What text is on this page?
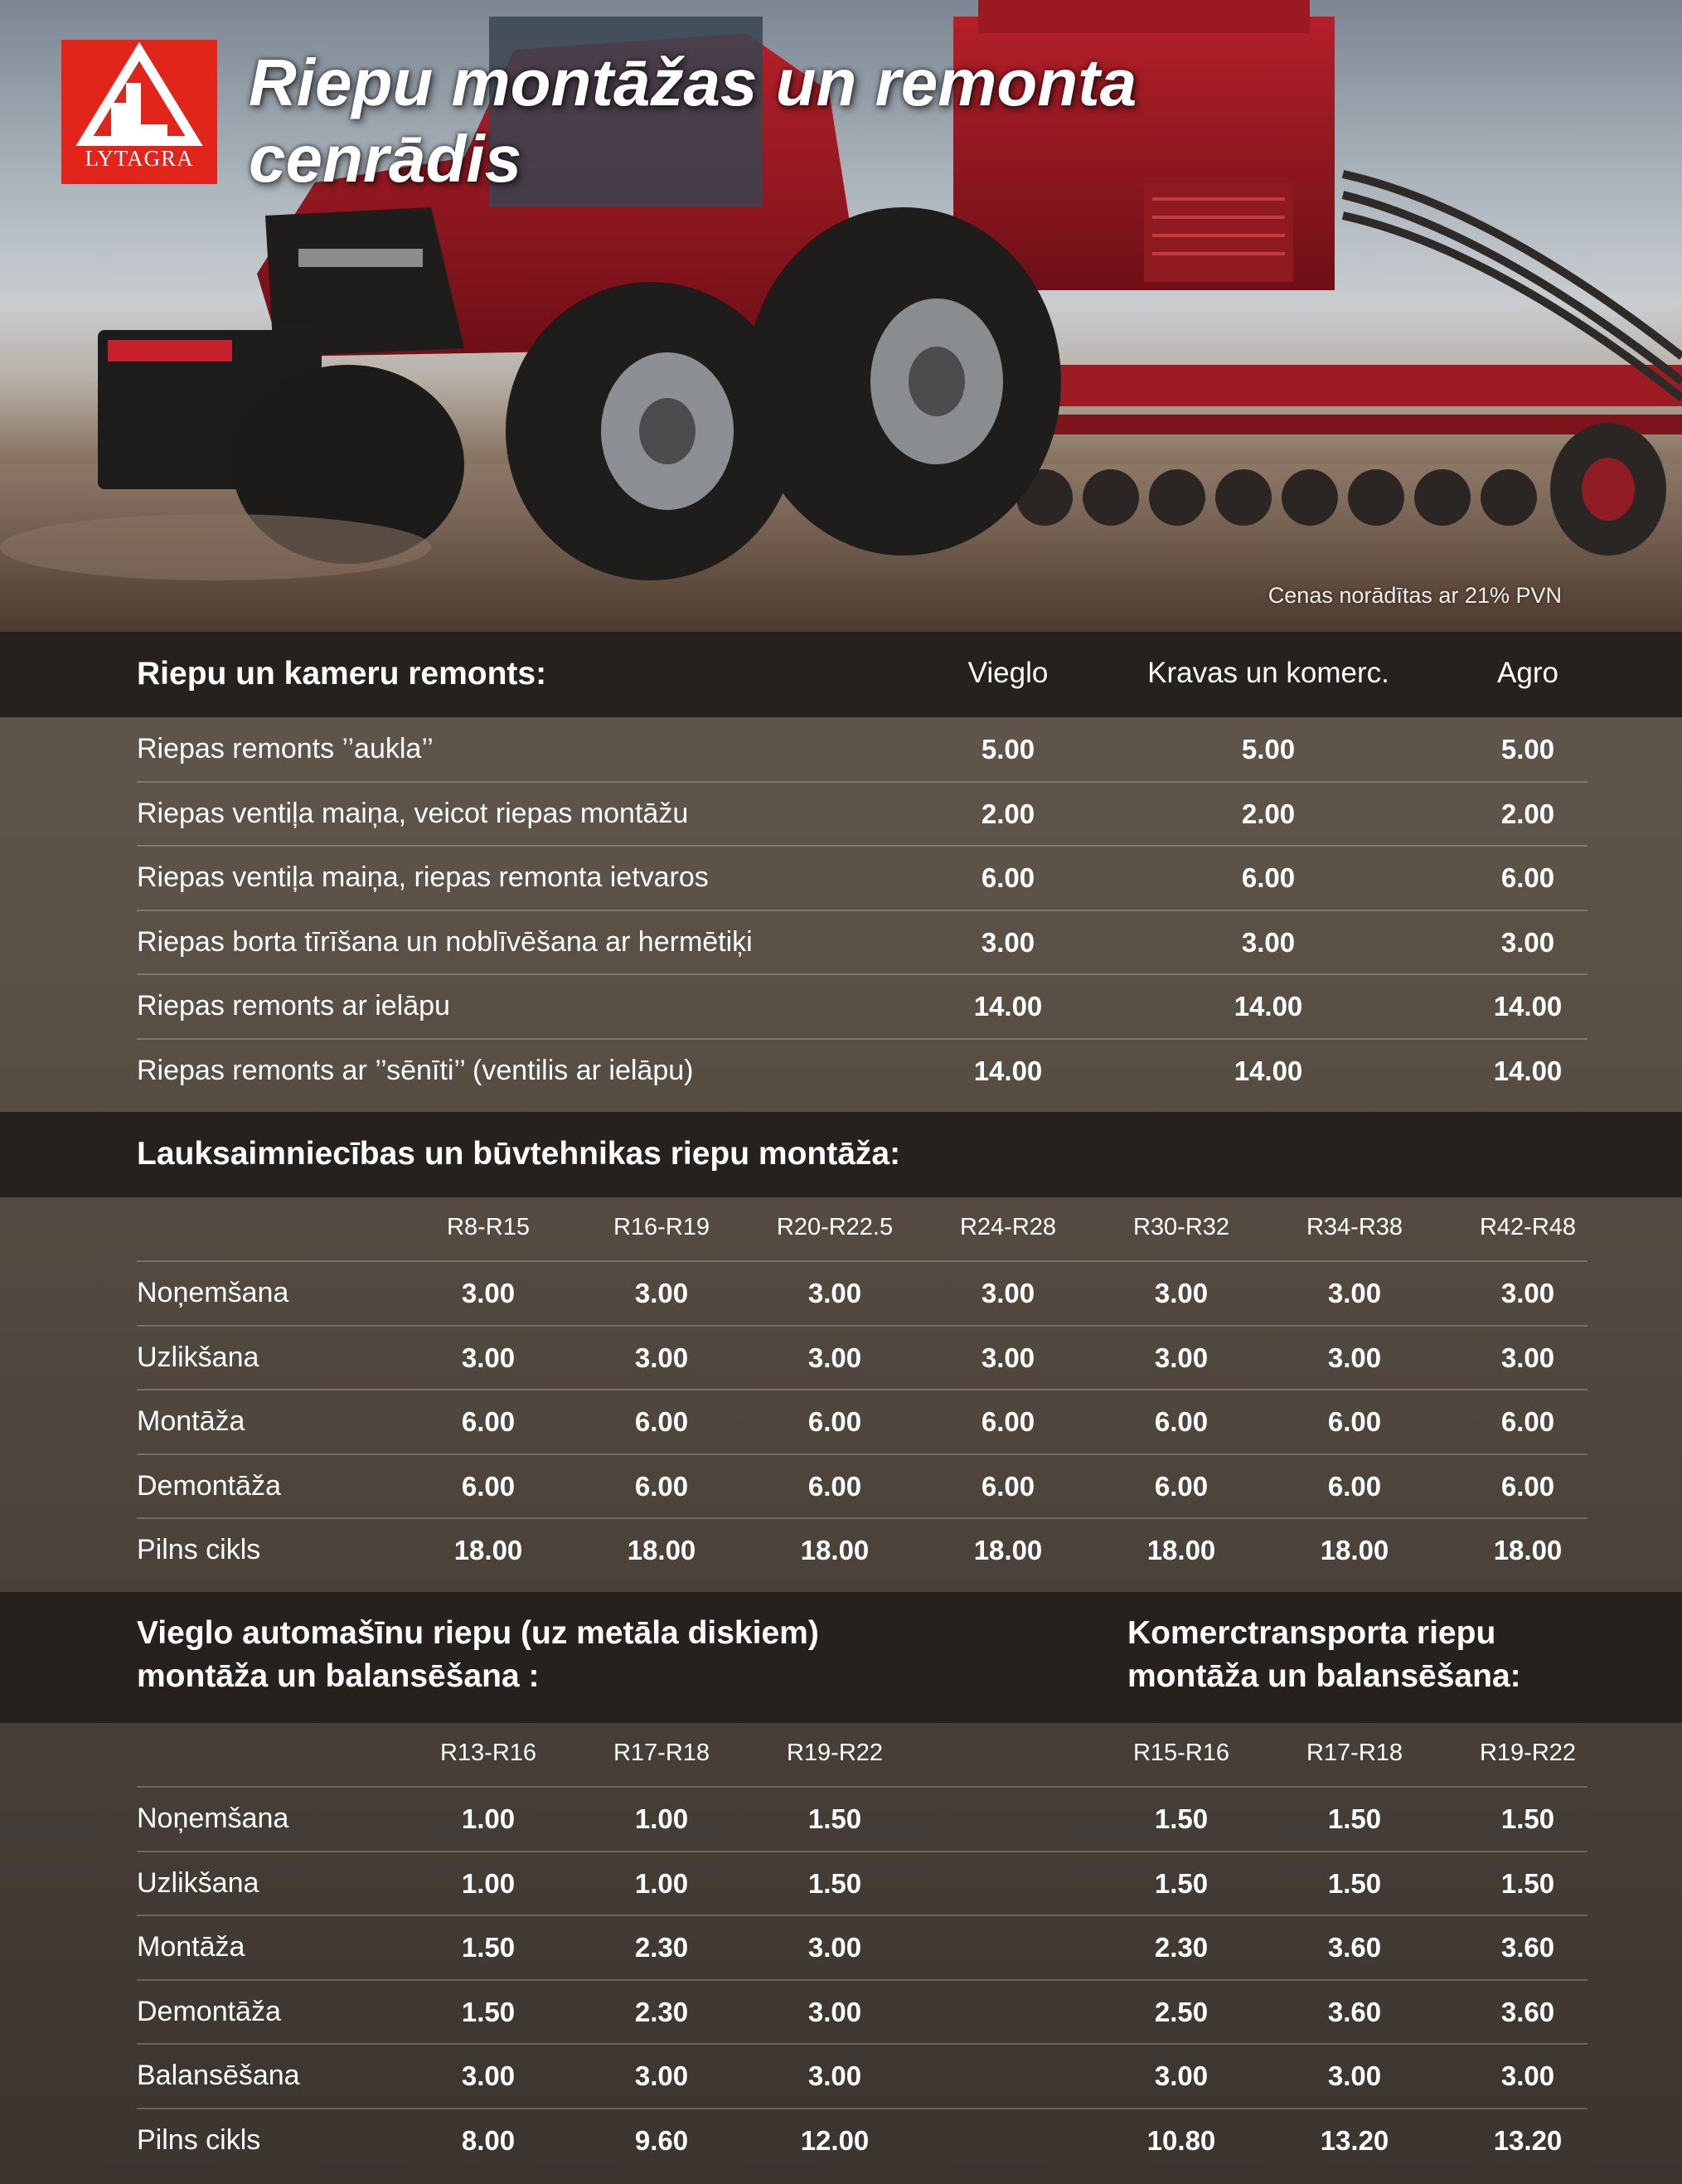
LYTAGRA
Riepu montāžas un remonta
cenrādis
Cenas norādītas ar 21% PVN
Riepu un kameru remonts:	Vieglo	Kravas un komerc.	Agro
Riepas remonts ’’aukla’’	5.00	5.00	5.00
Riepas ventiļa maiņa, veicot riepas montāžu	2.00	2.00	2.00
Riepas ventiļa maiņa, riepas remonta ietvaros	6.00	6.00	6.00
Riepas borta tīrīšana un noblīvēšana ar hermētiķi	3.00	3.00	3.00
Riepas remonts ar ielāpu	14.00	14.00	14.00
Riepas remonts ar ’’sēnīti’’ (ventilis ar ielāpu)	14.00	14.00	14.00
Lauksaimniecības un būvtehnikas riepu montāža:
R8-R15	R16-R19	R20-R22.5	R24-R28	R30-R32	R34-R38	R42-R48
Noņemšana	3.00	3.00	3.00	3.00	3.00	3.00	3.00
Uzlikšana	3.00	3.00	3.00	3.00	3.00	3.00	3.00
Montāža	6.00	6.00	6.00	6.00	6.00	6.00	6.00
Demontāža	6.00	6.00	6.00	6.00	6.00	6.00	6.00
Pilns cikls	18.00	18.00	18.00	18.00	18.00	18.00	18.00
Vieglo automašīnu riepu (uz metāla diskiem)
montāža un balansēšana :
Komerctransporta riepu
montāža un balansēšana:
R13-R16	R17-R18	R19-R22	R15-R16	R17-R18	R19-R22
Noņemšana	1.00	1.00	1.50	1.50	1.50	1.50
Uzlikšana	1.00	1.00	1.50	1.50	1.50	1.50
Montāža	1.50	2.30	3.00	2.30	3.60	3.60
Demontāža	1.50	2.30	3.00	2.50	3.60	3.60
Balansēšana	3.00	3.00	3.00	3.00	3.00	3.00
Pilns cikls	8.00	9.60	12.00	10.80	13.20	13.20
